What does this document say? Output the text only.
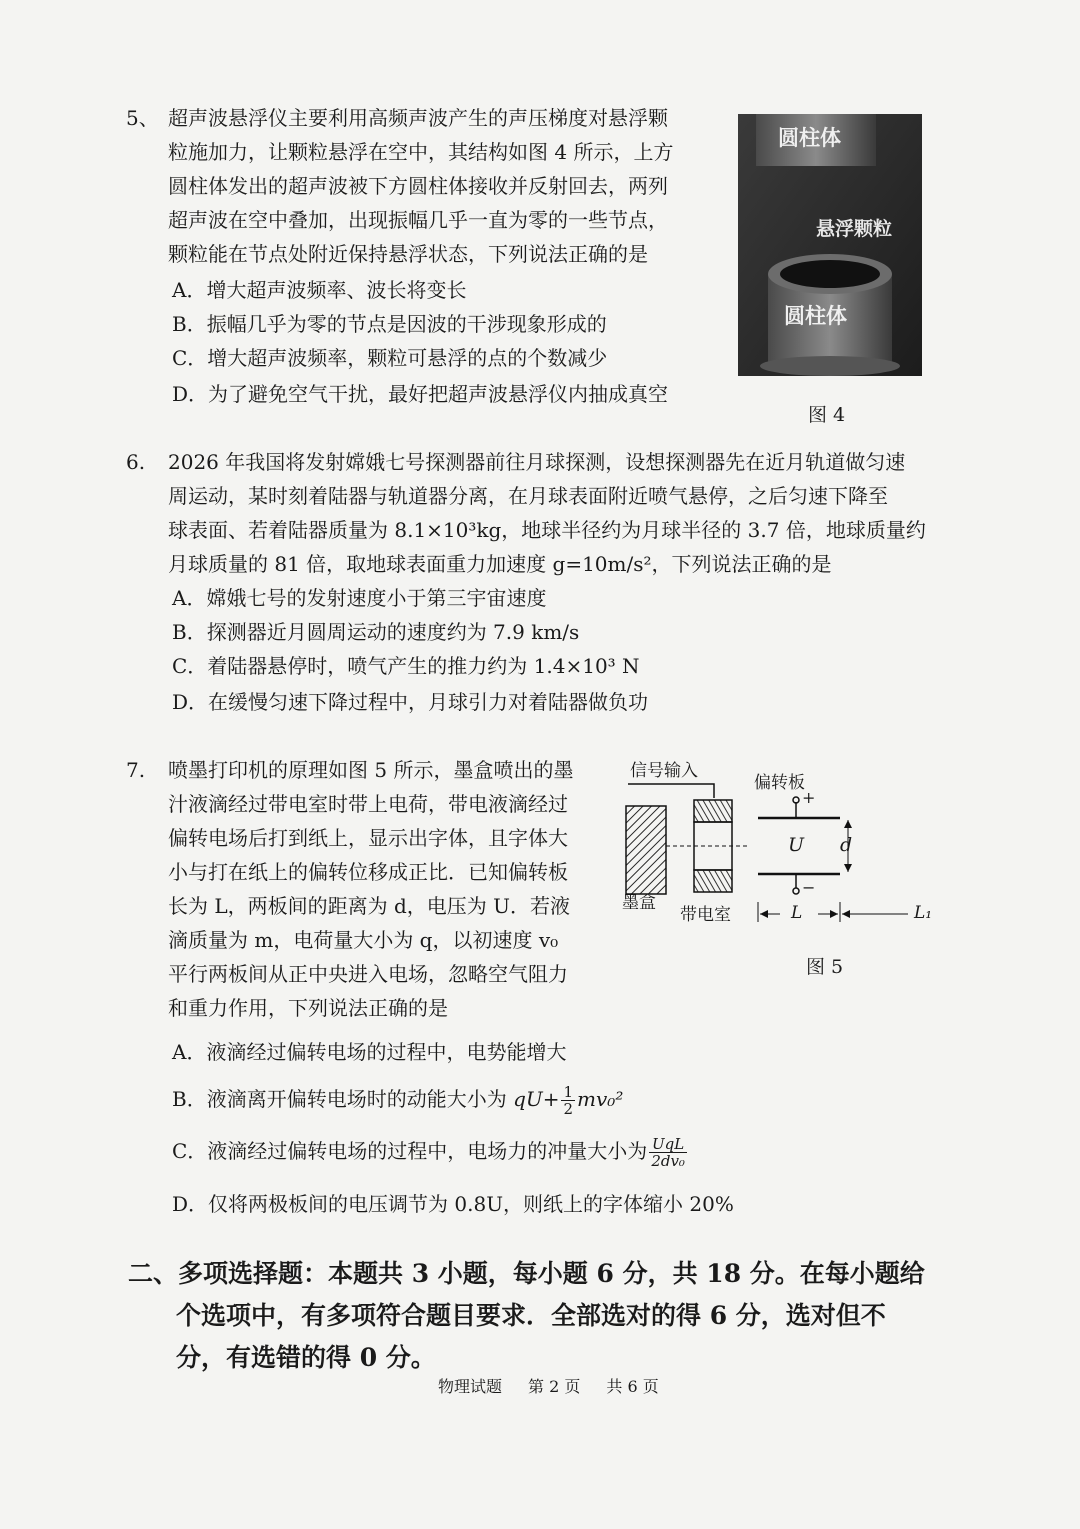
5、 超声波悬浮仪主要利用高频声波产生的声压梯度对悬浮颗
粒施加力，让颗粒悬浮在空中，其结构如图 4 所示，上方
圆柱体发出的超声波被下方圆柱体接收并反射回去，两列
超声波在空中叠加，出现振幅几乎一直为零的一些节点，
颗粒能在节点处附近保持悬浮状态，下列说法正确的是
A．增大超声波频率、波长将变长
B．振幅几乎为零的节点是因波的干涉现象形成的
C．增大超声波频率，颗粒可悬浮的点的个数减少
D．为了避免空气干扰，最好把超声波悬浮仪内抽成真空
圆柱体
悬浮颗粒
圆柱体
图 4
6. 2026 年我国将发射嫦娥七号探测器前往月球探测，设想探测器先在近月轨道做匀速
周运动，某时刻着陆器与轨道器分离，在月球表面附近喷气悬停，之后匀速下降至
球表面、若着陆器质量为 8.1×10³kg，地球半径约为月球半径的 3.7 倍，地球质量约
月球质量的 81 倍，取地球表面重力加速度 g=10m/s²，下列说法正确的是
A．嫦娥七号的发射速度小于第三宇宙速度
B．探测器近月圆周运动的速度约为 7.9 km/s
C．着陆器悬停时，喷气产生的推力约为 1.4×10³ N
D．在缓慢匀速下降过程中，月球引力对着陆器做负功
7. 喷墨打印机的原理如图 5 所示，墨盒喷出的墨
汁液滴经过带电室时带上电荷，带电液滴经过
偏转电场后打到纸上，显示出字体，且字体大
小与打在纸上的偏转位移成正比．已知偏转板
长为 L，两板间的距离为 d，电压为 U．若液
滴质量为 m，电荷量大小为 q，以初速度 v₀
平行两板间从正中央进入电场，忽略空气阻力
和重力作用，下列说法正确的是
A．液滴经过偏转电场的过程中，电势能增大
B．液滴离开偏转电场时的动能大小为 $qU+ \frac{1}{2} mv_0^2$
C．液滴经过偏转电场的过程中，电场力的冲量大小为 $\frac{\text{UqL}}{\text{2dv₀}}$
D．仅将两极板间的电压调节为 0.8U，则纸上的字体缩小 20%
信号输入
偏转板
+
−
U d
墨盒
带电室	L	L₁
图 5
二、多项选择题：本题共 3 小题，每小题 6 分，共 18 分。在每小题给
个选项中，有多项符合题目要求．全部选对的得 6 分，选对但不
分，有选错的得 0 分。
物理试题 第 2 页 共 6 页
